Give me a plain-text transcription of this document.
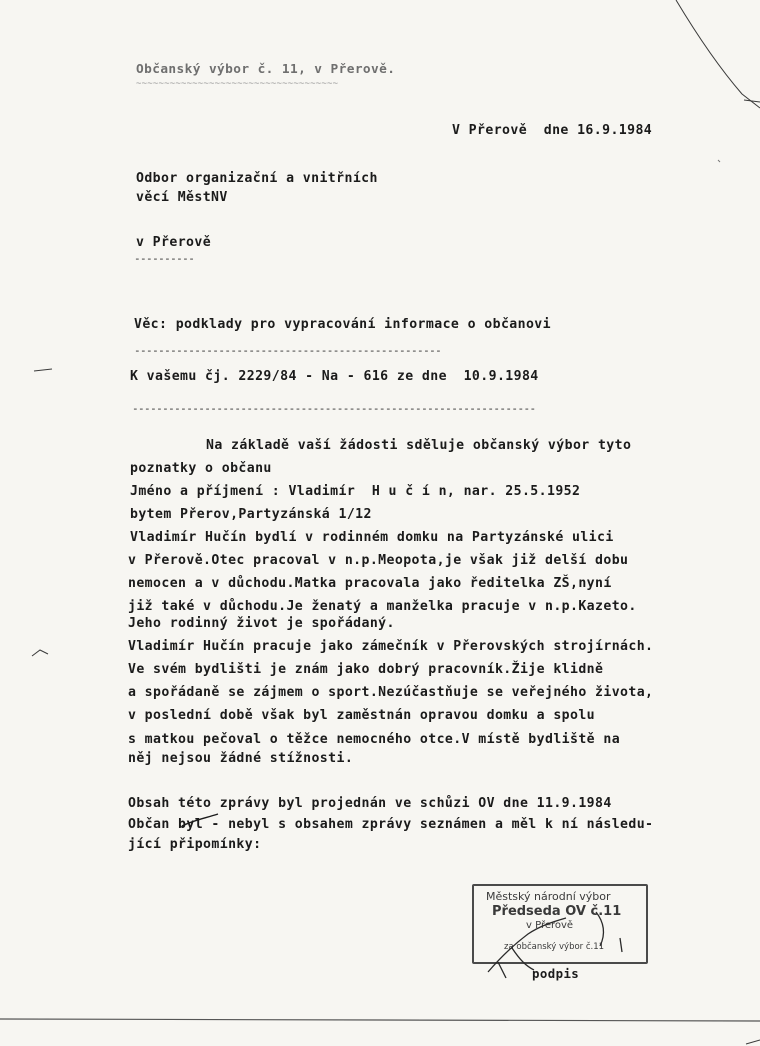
Občanský výbor č. 11, v Přerově.
~~~~~~~~~~~~~~~~~~~~~~~~~~~~~~~~~~~~
V Přerově  dne 16.9.1984
Odbor organizační a vnitřních
věcí MěstNV
v Přerově
----------
Věc: podklady pro vypracování informace o občanovi
---------------------------------------------------
K vašemu čj. 2229/84 - Na - 616 ze dne  10.9.1984
-------------------------------------------------------------------
Na základě vaší žádosti sděluje občanský výbor tyto
poznatky o občanu
Jméno a příjmení : Vladimír  H u č í n, nar. 25.5.1952
bytem Přerov,Partyzánská 1/12
Vladimír Hučín bydlí v rodinném domku na Partyzánské ulici
v Přerově.Otec pracoval v n.p.Meopota,je však již delší dobu
nemocen a v důchodu.Matka pracovala jako ředitelka ZŠ,nyní
již také v důchodu.Je ženatý a manželka pracuje v n.p.Kazeto.
Jeho rodinný život je spořádaný.
Vladimír Hučín pracuje jako zámečník v Přerovských strojírnách.
Ve svém bydlišti je znám jako dobrý pracovník.Žije klidně
a spořádaně se zájmem o sport.Nezúčastňuje se veřejného života,
v poslední době však byl zaměstnán opravou domku a spolu
s matkou pečoval o těžce nemocného otce.V místě bydliště na
něj nejsou žádné stížnosti.
Obsah této zprávy byl projednán ve schůzi OV dne 11.9.1984
Občan byl - nebyl s obsahem zprávy seznámen a měl k ní následu-
jící připomínky:
Městský národní výbor
Předseda OV č.11
v Přerově
za občanský výbor č.11
podpis
